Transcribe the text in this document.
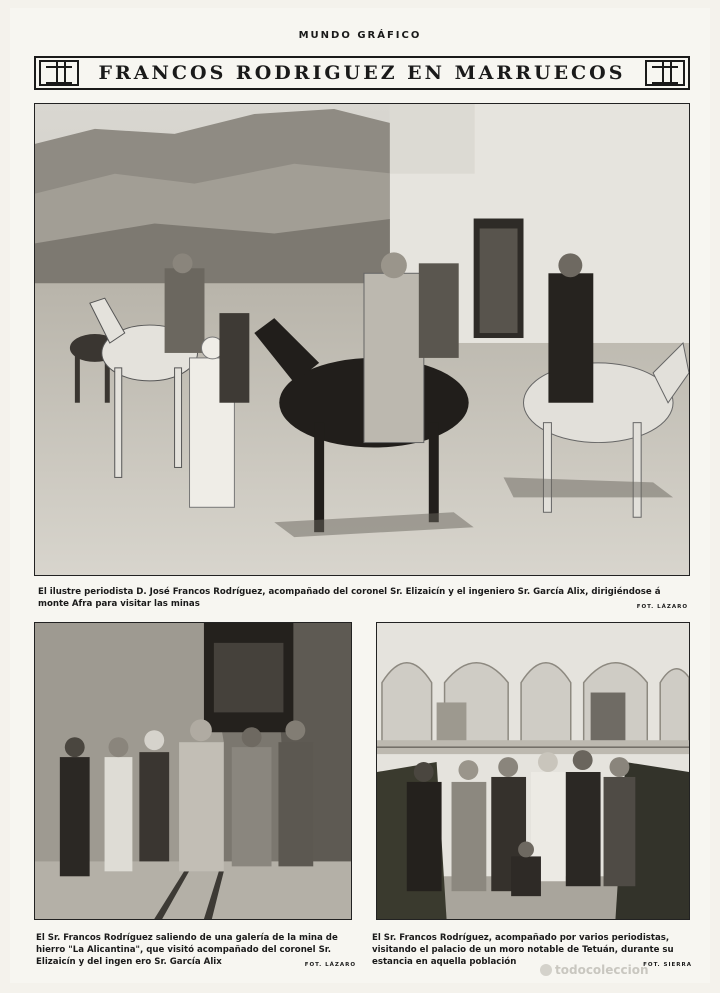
MUNDO GRÁFICO
FRANCOS RODRIGUEZ EN MARRUECOS
El ilustre periodista D. José Francos Rodríguez, acompañado del coronel Sr. Elizaicín y el ingeniero Sr. García Alix, dirigiéndose á monte Afra para visitar las minas	FOT. LÁZARO
El Sr. Francos Rodríguez saliendo de una galería de la mina de hierro "La Alicantina", que visitó acompañado del coronel Sr. Elizaicín y del ingen ero Sr. García Alix	FOT. LÁZARO
El Sr. Francos Rodríguez, acompañado por varios periodistas, visitando el palacio de un moro notable de Tetuán, durante su estancia en aquella población	FOT. SIERRA
todocoleccion
